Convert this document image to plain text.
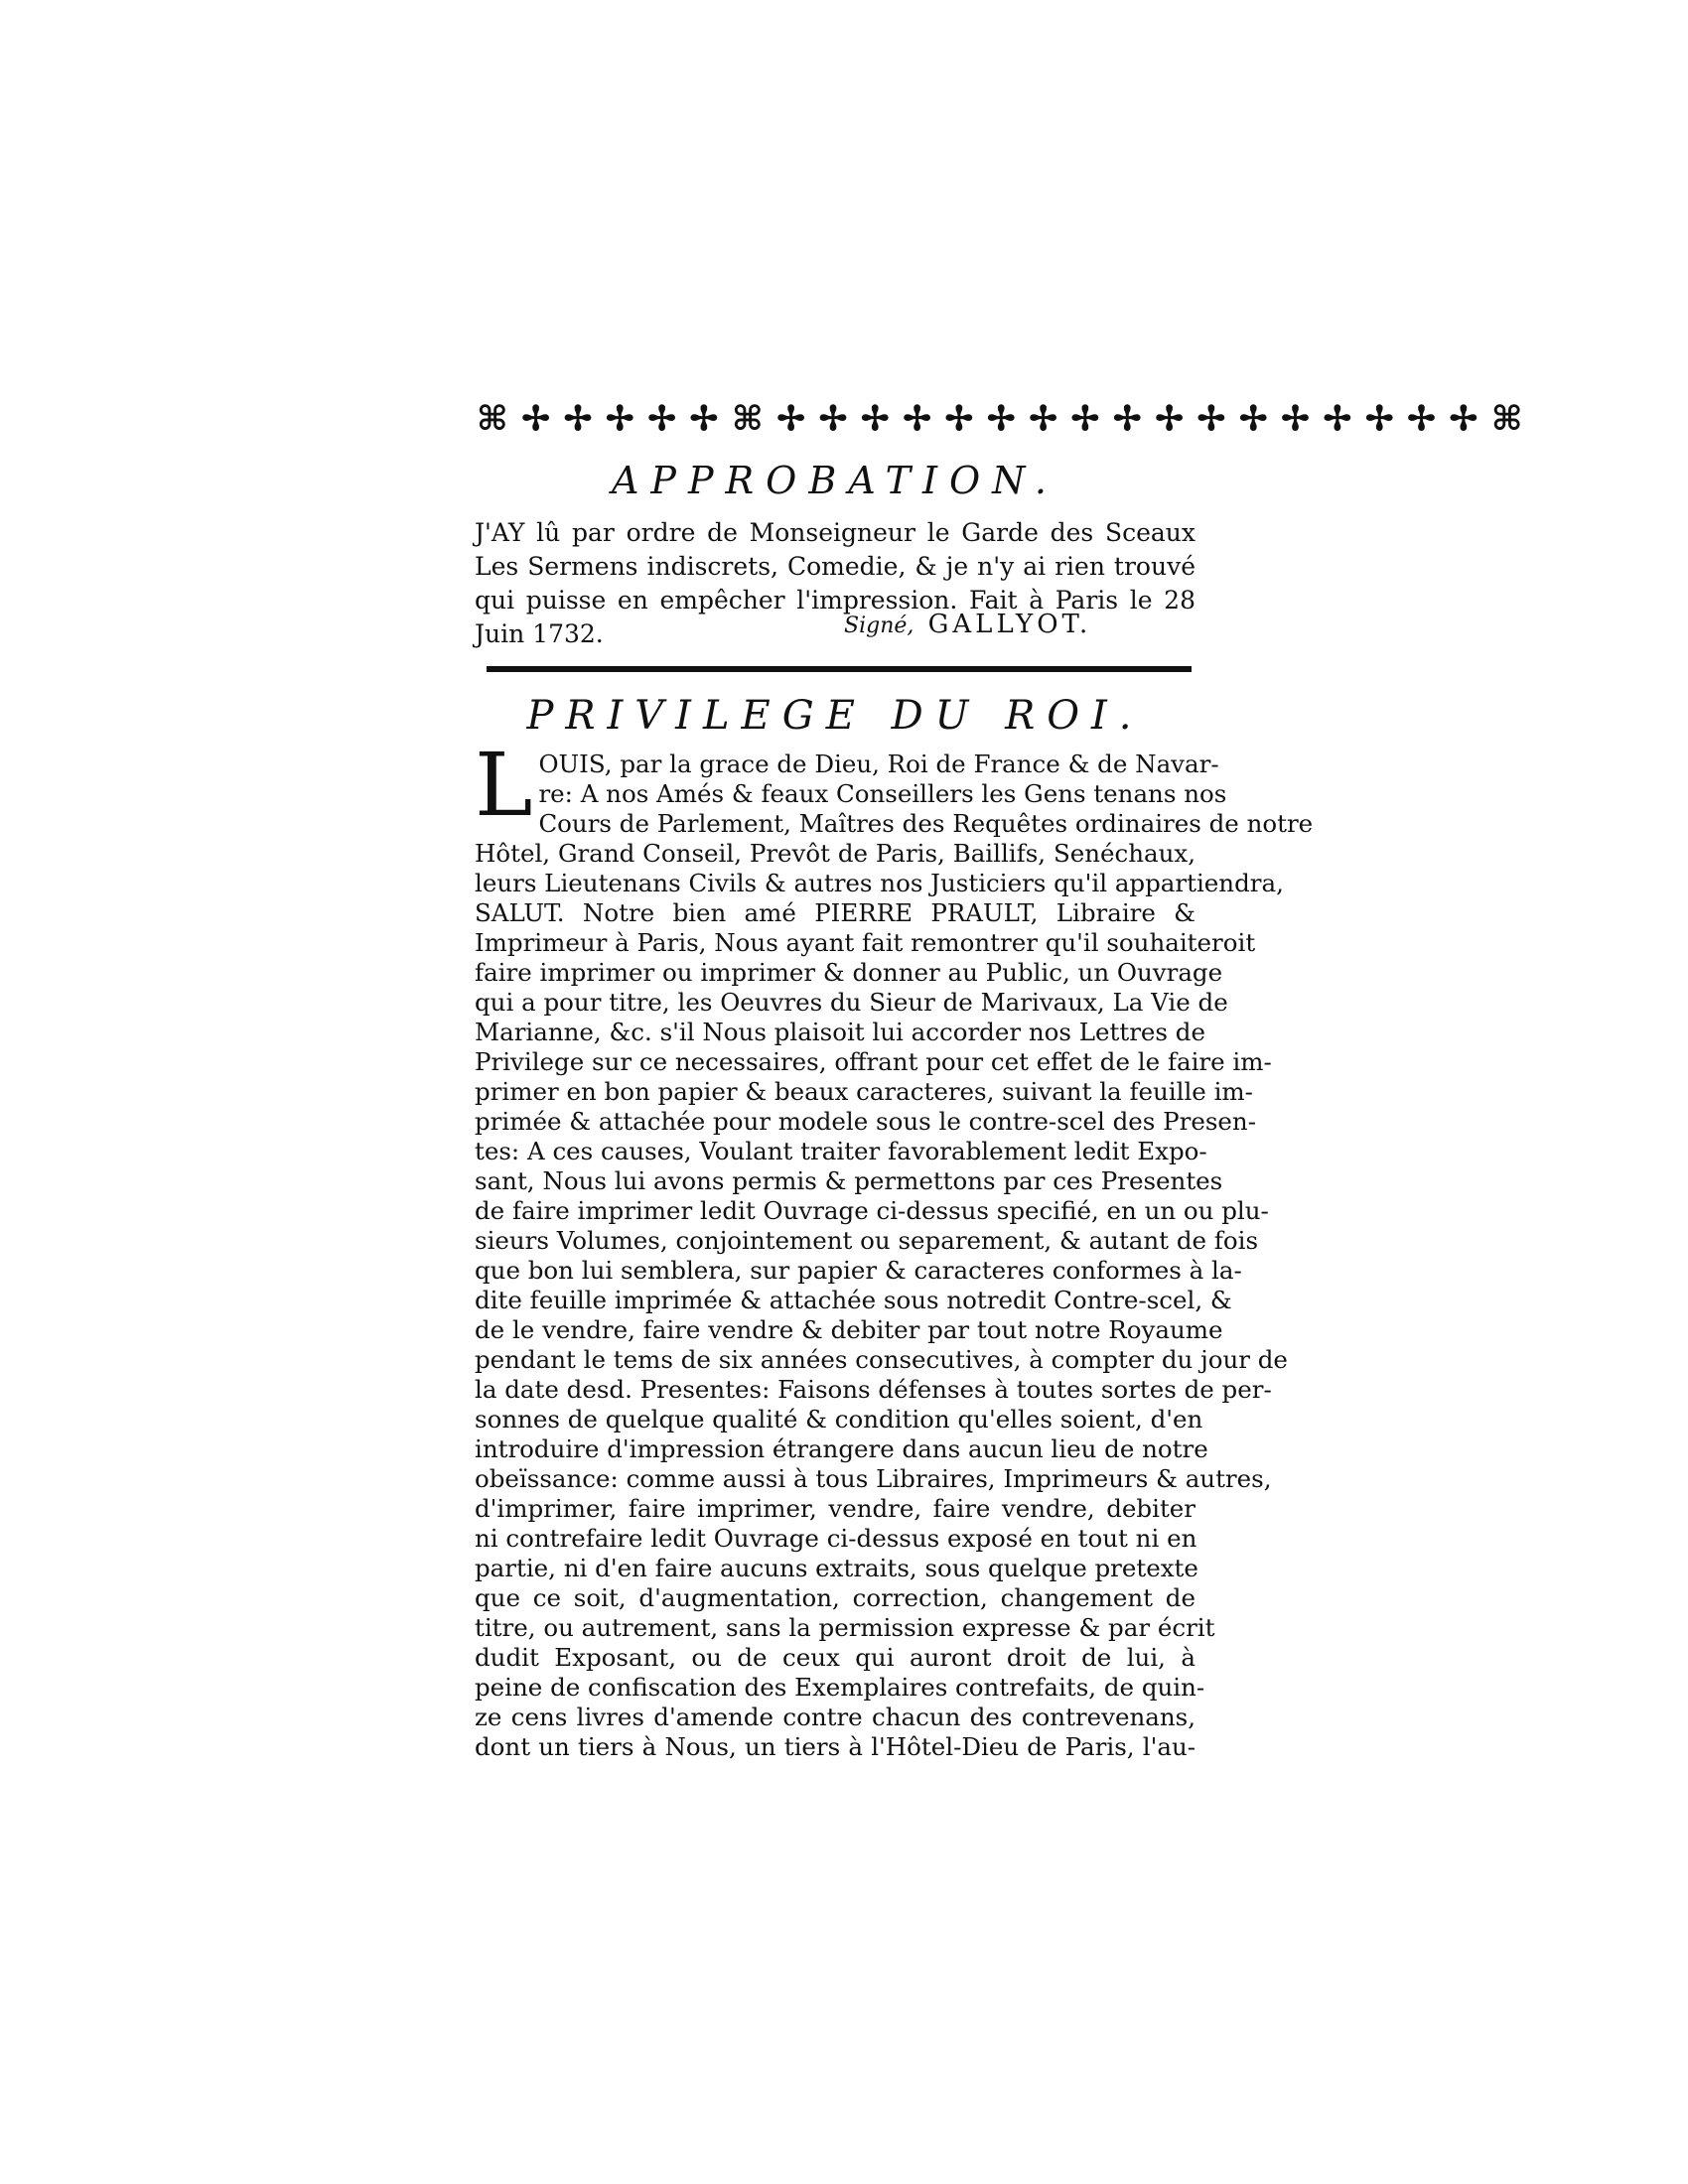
⌘ ✢ ✢ ✢ ✢ ✢ ⌘ ✢ ✢ ✢ ✢ ✢ ✢ ✢ ✢ ✢ ✢ ✢ ✢ ✢ ✢ ✢ ✢ ✢ ⌘
APPROBATION.
J'AY lû par ordre de Monseigneur le Garde des Sceaux Les Sermens indiscrets, Comedie, & je n'y ai rien trouvé qui puisse en empêcher l'impression. Fait à Paris le 28 Juin 1732.	Signé, GALLYOT.
PRIVILEGE DU ROI.
L OUIS, par la grace de Dieu, Roi de France & de Navar-
re: A nos Amés & feaux Conseillers les Gens tenans nos
Cours de Parlement, Maîtres des Requêtes ordinaires de notre
Hôtel, Grand Conseil, Prevôt de Paris, Baillifs, Senéchaux,
leurs Lieutenans Civils & autres nos Justiciers qu'il appartiendra,
SALUT. Notre bien amé PIERRE PRAULT, Libraire &
Imprimeur à Paris, Nous ayant fait remontrer qu'il souhaiteroit
faire imprimer ou imprimer & donner au Public, un Ouvrage
qui a pour titre, les Oeuvres du Sieur de Marivaux, La Vie de
Marianne, &c. s'il Nous plaisoit lui accorder nos Lettres de
Privilege sur ce necessaires, offrant pour cet effet de le faire im-
primer en bon papier & beaux caracteres, suivant la feuille im-
primée & attachée pour modele sous le contre-scel des Presen-
tes: A ces causes, Voulant traiter favorablement ledit Expo-
sant, Nous lui avons permis & permettons par ces Presentes
de faire imprimer ledit Ouvrage ci-dessus specifié, en un ou plu-
sieurs Volumes, conjointement ou separement, & autant de fois
que bon lui semblera, sur papier & caracteres conformes à la-
dite feuille imprimée & attachée sous notredit Contre-scel, &
de le vendre, faire vendre & debiter par tout notre Royaume
pendant le tems de six années consecutives, à compter du jour de
la date desd. Presentes: Faisons défenses à toutes sortes de per-
sonnes de quelque qualité & condition qu'elles soient, d'en
introduire d'impression étrangere dans aucun lieu de notre
obeïssance: comme aussi à tous Libraires, Imprimeurs & autres,
d'imprimer, faire imprimer, vendre, faire vendre, debiter
ni contrefaire ledit Ouvrage ci-dessus exposé en tout ni en
partie, ni d'en faire aucuns extraits, sous quelque pretexte
que ce soit, d'augmentation, correction, changement de
titre, ou autrement, sans la permission expresse & par écrit
dudit Exposant, ou de ceux qui auront droit de lui, à
peine de confiscation des Exemplaires contrefaits, de quin-
ze cens livres d'amende contre chacun des contrevenans,
dont un tiers à Nous, un tiers à l'Hôtel-Dieu de Paris, l'au-
